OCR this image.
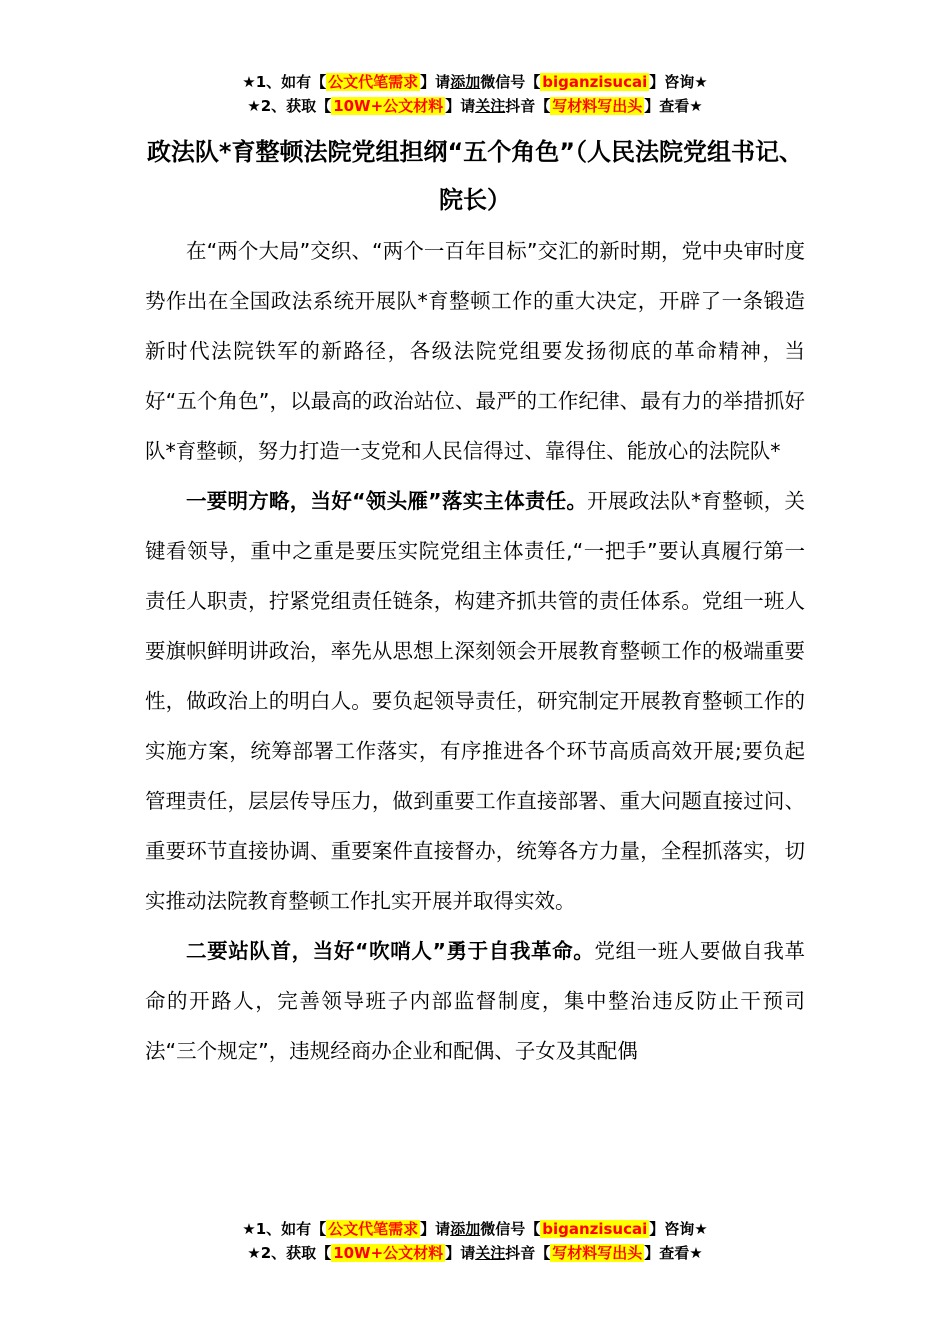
★1、如有【 公文代笔需求 】请添加微信号【 biganzisucai 】咨询★
★2、获取【 10W+公文材料 】请关注抖音【 写材料写出头 】查看★
政法队*育整顿法院党组担纲“五个角色”（人民法院党组书记、院长）

在“两个大局”交织、“两个一百年目标”交汇的新时期，党中央审时度势作出在全国政法系统开展队*育整顿工作的重大决定，开辟了一条锻造新时代法院铁军的新路径，各级法院党组要发扬彻底的革命精神，当好“五个角色”，以最高的政治站位、最严的工作纪律、最有力的举措抓好队*育整顿，努力打造一支党和人民信得过、靠得住、能放心的法院队*

一要明方略，当好“领头雁”落实主体责任。开展政法队*育整顿，关键看领导，重中之重是要压实院党组主体责任,“一把手”要认真履行第一责任人职责，拧紧党组责任链条，构建齐抓共管的责任体系。党组一班人要旗帜鲜明讲政治，率先从思想上深刻领会开展教育整顿工作的极端重要性，做政治上的明白人。要负起领导责任，研究制定开展教育整顿工作的实施方案，统筹部署工作落实，有序推进各个环节高质高效开展;要负起管理责任，层层传导压力，做到重要工作直接部署、重大问题直接过问、重要环节直接协调、重要案件直接督办，统筹各方力量，全程抓落实，切实推动法院教育整顿工作扎实开展并取得实效。

二要站队首，当好“吹哨人”勇于自我革命。党组一班人要做自我革命的开路人，完善领导班子内部监督制度，集中整治违反防止干预司法“三个规定”，违规经商办企业和配偶、子女及其配偶

★1、如有【 公文代笔需求 】请添加微信号【 biganzisucai 】咨询★
★2、获取【 10W+公文材料 】请关注抖音【 写材料写出头 】查看★
